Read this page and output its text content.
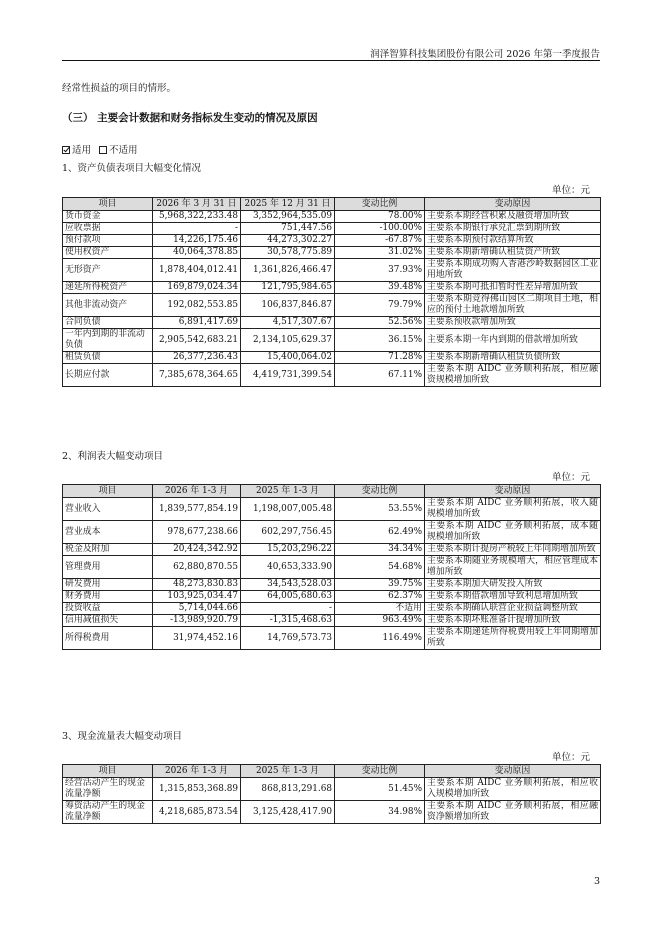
润泽智算科技集团股份有限公司 2026 年第一季度报告
经常性损益的项目的情形。
（三） 主要会计数据和财务指标发生变动的情况及原因
适用	不适用
1、资产负债表项目大幅变化情况
单位：元
项目	2026 年 3 月 31 日	2025 年 12 月 31 日	变动比例	变动原因
货币资金	5,968,322,233.48	3,352,964,535.09	78.00%	主要系本期经营积累及融资增加所致
应收票据	-	751,447.56	-100.00%	主要系本期银行承兑汇票到期所致
预付款项	14,226,175.46	44,273,302.27	-67.87%	主要系本期预付款结算所致
使用权资产	40,064,378.85	30,578,775.89	31.02%	主要系本期新增确认租赁资产所致
无形资产	1,878,404,012.41	1,361,826,466.47	37.93%	主要系本期成功购入香港沙岭数据园区工业用地所致
递延所得税资产	169,879,024.34	121,795,984.65	39.48%	主要系本期可抵扣暂时性差异增加所致
其他非流动资产	192,082,553.85	106,837,846.87	79.79%	主要系本期竞得佛山园区二期项目土地，相应的预付土地款增加所致
合同负债	6,891,417.69	4,517,307.67	52.56%	主要系预收款增加所致
一年内到期的非流动负债	2,905,542,683.21	2,134,105,629.37	36.15%	主要系本期一年内到期的借款增加所致
租赁负债	26,377,236.43	15,400,064.02	71.28%	主要系本期新增确认租赁负债所致
长期应付款	7,385,678,364.65	4,419,731,399.54	67.11%	主要系本期 AIDC 业务顺利拓展，相应融资规模增加所致
2、利润表大幅变动项目
单位：元
项目	2026 年 1-3 月	2025 年 1-3 月	变动比例	变动原因
营业收入	1,839,577,854.19	1,198,007,005.48	53.55%	主要系本期 AIDC 业务顺利拓展，收入随规模增加所致
营业成本	978,677,238.66	602,297,756.45	62.49%	主要系本期 AIDC 业务顺利拓展，成本随规模增加所致
税金及附加	20,424,342.92	15,203,296.22	34.34%	主要系本期计提房产税较上年同期增加所致
管理费用	62,880,870.55	40,653,333.90	54.68%	主要系本期随业务规模增大，相应管理成本增加所致
研发费用	48,273,830.83	34,543,528.03	39.75%	主要系本期加大研发投入所致
财务费用	103,925,034.47	64,005,680.63	62.37%	主要系本期借款增加导致利息增加所致
投资收益	5,714,044.66	-	不适用	主要系本期确认联营企业损益调整所致
信用减值损失	-13,989,920.79	-1,315,468.63	963.49%	主要系本期坏账准备计提增加所致
所得税费用	31,974,452.16	14,769,573.73	116.49%	主要系本期递延所得税费用较上年同期增加所致
3、现金流量表大幅变动项目
单位：元
项目	2026 年 1-3 月	2025 年 1-3 月	变动比例	变动原因
经营活动产生的现金流量净额	1,315,853,368.89	868,813,291.68	51.45%	主要系本期 AIDC 业务顺利拓展，相应收入规模增加所致
筹资活动产生的现金流量净额	4,218,685,873.54	3,125,428,417.90	34.98%	主要系本期 AIDC 业务顺利拓展，相应融资净额增加所致
3
